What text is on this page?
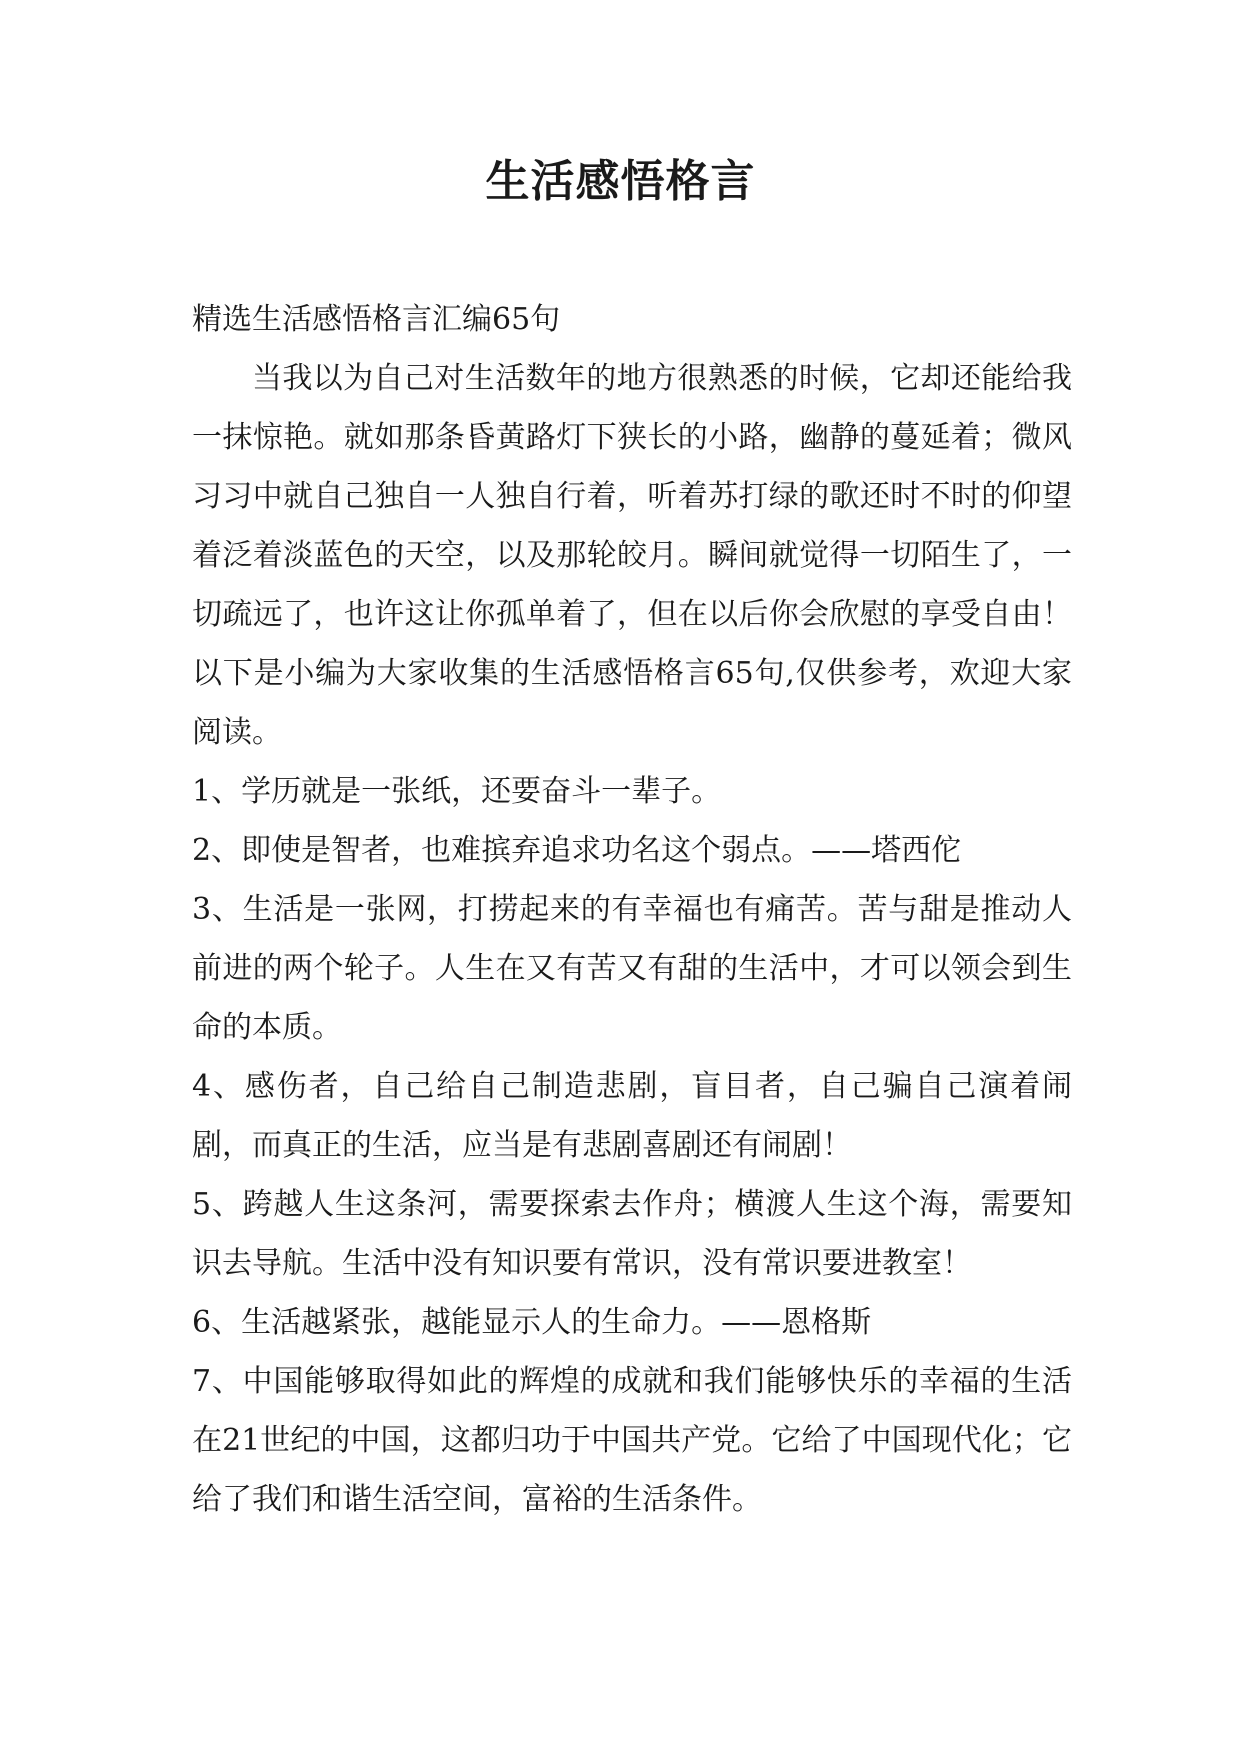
生活感悟格言

精选生活感悟格言汇编65句

当我以为自己对生活数年的地方很熟悉的时候，它却还能给我一抹惊艳。就如那条昏黄路灯下狭长的小路，幽静的蔓延着；微风习习中就自己独自一人独自行着，听着苏打绿的歌还时不时的仰望着泛着淡蓝色的天空，以及那轮皎月。瞬间就觉得一切陌生了，一切疏远了，也许这让你孤单着了，但在以后你会欣慰的享受自由！以下是小编为大家收集的生活感悟格言65句,仅供参考，欢迎大家阅读。

1、学历就是一张纸，还要奋斗一辈子。

2、即使是智者，也难摈弃追求功名这个弱点。——塔西佗

3、生活是一张网，打捞起来的有幸福也有痛苦。苦与甜是推动人前进的两个轮子。人生在又有苦又有甜的生活中，才可以领会到生命的本质。

4、感伤者，自己给自己制造悲剧，盲目者，自己骗自己演着闹剧，而真正的生活，应当是有悲剧喜剧还有闹剧！

5、跨越人生这条河，需要探索去作舟；横渡人生这个海，需要知识去导航。生活中没有知识要有常识，没有常识要进教室！

6、生活越紧张，越能显示人的生命力。——恩格斯

7、中国能够取得如此的辉煌的成就和我们能够快乐的幸福的生活在21世纪的中国，这都归功于中国共产党。它给了中国现代化；它给了我们和谐生活空间，富裕的生活条件。
